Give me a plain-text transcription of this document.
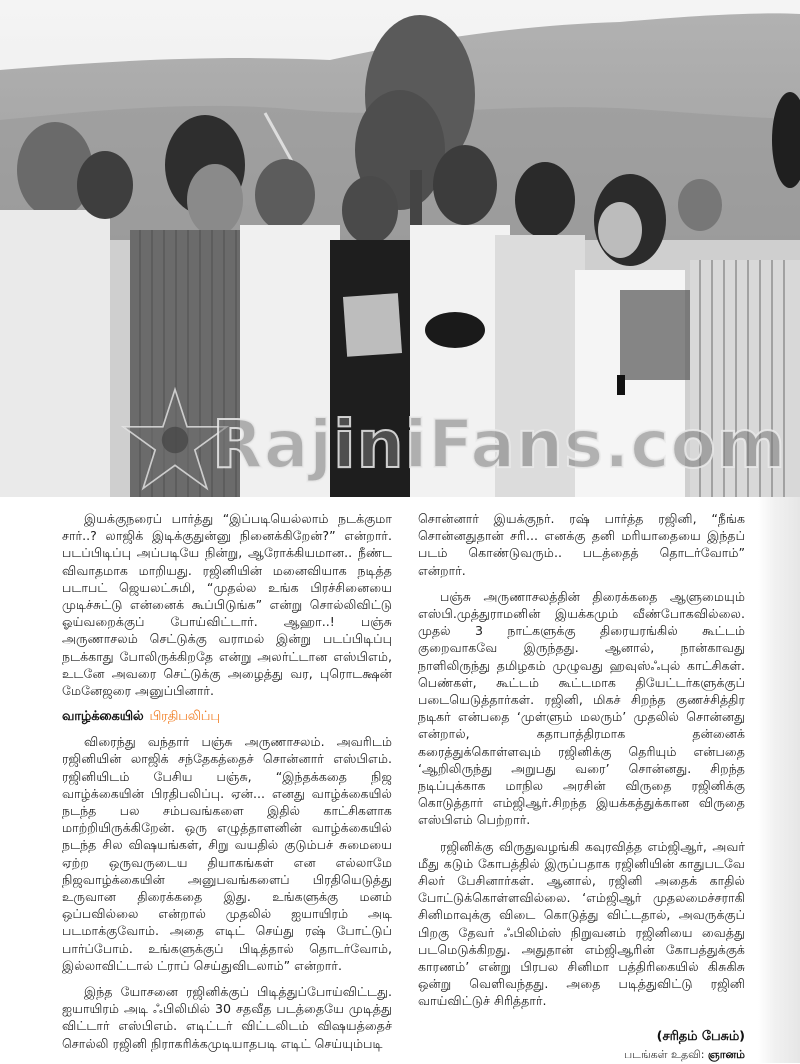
RajiniFans.com

இயக்குநரைப் பார்த்து “இப்படியெல்லாம் நடக்குமா சார்..? லாஜிக் இடிக்குதுன்னு நினைக்கிறேன்?” என்றார். படப்பிடிப்பு அப்படியே நின்று, ஆரோக்கியமான.. நீண்ட விவாதமாக மாறியது. ரஜினியின் மனைவியாக நடித்த படாபட் ஜெயலட்சுமி, “முதல்ல உங்க பிரச்சினையை முடிச்சுட்டு என்னைக் கூப்பிடுங்க” என்று சொல்லிவிட்டு ஓய்வறைக்குப் போய்விட்டார். ஆஹா..! பஞ்சு அருணாசலம் செட்டுக்கு வராமல் இன்று படப்பிடிப்பு நடக்காது போலிருக்கிறதே என்று அலர்ட்டான எஸ்பிஎம், உடனே அவரை செட்டுக்கு அழைத்து வர, புரொடக்ஷன் மேனேஜரை அனுப்பினார்.

வாழ்க்கையில் பிரதிபலிப்பு

விரைந்து வந்தார் பஞ்சு அருணாசலம். அவரிடம் ரஜினியின் லாஜிக் சந்தேகத்தைச் சொன்னார் எஸ்பிஎம். ரஜினியிடம் பேசிய பஞ்சு, “இந்தக்கதை நிஜ வாழ்க்கையின் பிரதிபலிப்பு. ஏன்... எனது வாழ்க்கையில் நடந்த பல சம்பவங்களை இதில் காட்சிகளாக மாற்றியிருக்கிறேன். ஒரு எழுத்தாளனின் வாழ்க்கையில் நடந்த சில விஷயங்கள், சிறு வயதில் குடும்பச் சுமையை ஏற்ற ஒருவருடைய தியாகங்கள் என எல்லாமே நிஜவாழ்க்கையின் அனுபவங்களைப் பிரதியெடுத்து உருவான திரைக்கதை இது. உங்களுக்கு மனம் ஒப்பவில்லை என்றால் முதலில் ஐயாயிரம் அடி படமாக்குவோம். அதை எடிட் செய்து ரஷ் போட்டுப் பார்ப்போம். உங்களுக்குப் பிடித்தால் தொடர்வோம், இல்லாவிட்டால் ட்ராப் செய்துவிடலாம்” என்றார்.

இந்த யோசனை ரஜினிக்குப் பிடித்துப்போய்விட்டது. ஐயாயிரம் அடி ஃபிலிமில் 30 சதவீத படத்தையே முடித்து விட்டார் எஸ்பிஎம். எடிட்டர் விட்டலிடம் விஷயத்தைச் சொல்லி ரஜினி நிராகரிக்கமுடியாதபடி எடிட் செய்யும்படி

சொன்னார் இயக்குநர். ரஷ் பார்த்த ரஜினி, “நீங்க சொன்னதுதான் சரி... எனக்கு தனி மரியாதையை இந்தப் படம் கொண்டுவரும்.. படத்தைத் தொடர்வோம்” என்றார்.

பஞ்சு அருணாசலத்தின் திரைக்கதை ஆளுமையும் எஸ்பி.முத்துராமனின் இயக்கமும் வீண்போகவில்லை. முதல் 3 நாட்களுக்கு திரையரங்கில் கூட்டம் குறைவாகவே இருந்தது. ஆனால், நான்காவது நாளிலிருந்து தமிழகம் முழுவது ஹவுஸ்ஃபுல் காட்சிகள். பெண்கள், கூட்டம் கூட்டமாக தியேட்டர்களுக்குப் படையெடுத்தார்கள். ரஜினி, மிகச் சிறந்த குணச்சித்திர நடிகர் என்பதை ‘முள்ளும் மலரும்’ முதலில் சொன்னது என்றால், கதாபாத்திரமாக தன்னைக் கரைத்துக்கொள்ளவும் ரஜினிக்கு தெரியும் என்பதை ‘ஆறிலிருந்து அறுபது வரை’ சொன்னது. சிறந்த நடிப்புக்காக மாநில அரசின் விருதை ரஜினிக்கு கொடுத்தார் எம்ஜிஆர்.சிறந்த இயக்கத்துக்கான விருதை எஸ்பிஎம் பெற்றார்.

ரஜினிக்கு விருதுவழங்கி கவுரவித்த எம்ஜிஆர், அவர் மீது கடும் கோபத்தில் இருப்பதாக ரஜினியின் காதுபடவே சிலர் பேசினார்கள். ஆனால், ரஜினி அதைக் காதில் போட்டுக்கொள்ளவில்லை. ‘எம்ஜிஆர் முதலமைச்சராகி சினிமாவுக்கு விடை கொடுத்து விட்டதால், அவருக்குப் பிறகு தேவர் ஃபிலிம்ஸ் நிறுவனம் ரஜினியை வைத்து படமெடுக்கிறது. அதுதான் எம்ஜிஆரின் கோபத்துக்குக் காரணம்’ என்று பிரபல சினிமா பத்திரிகையில் கிசுகிசு ஒன்று வெளிவந்தது. அதை படித்துவிட்டு ரஜினி வாய்விட்டுச் சிரித்தார்.

(சரிதம் பேசும்)
படங்கள் உதவி: ஞானம்
